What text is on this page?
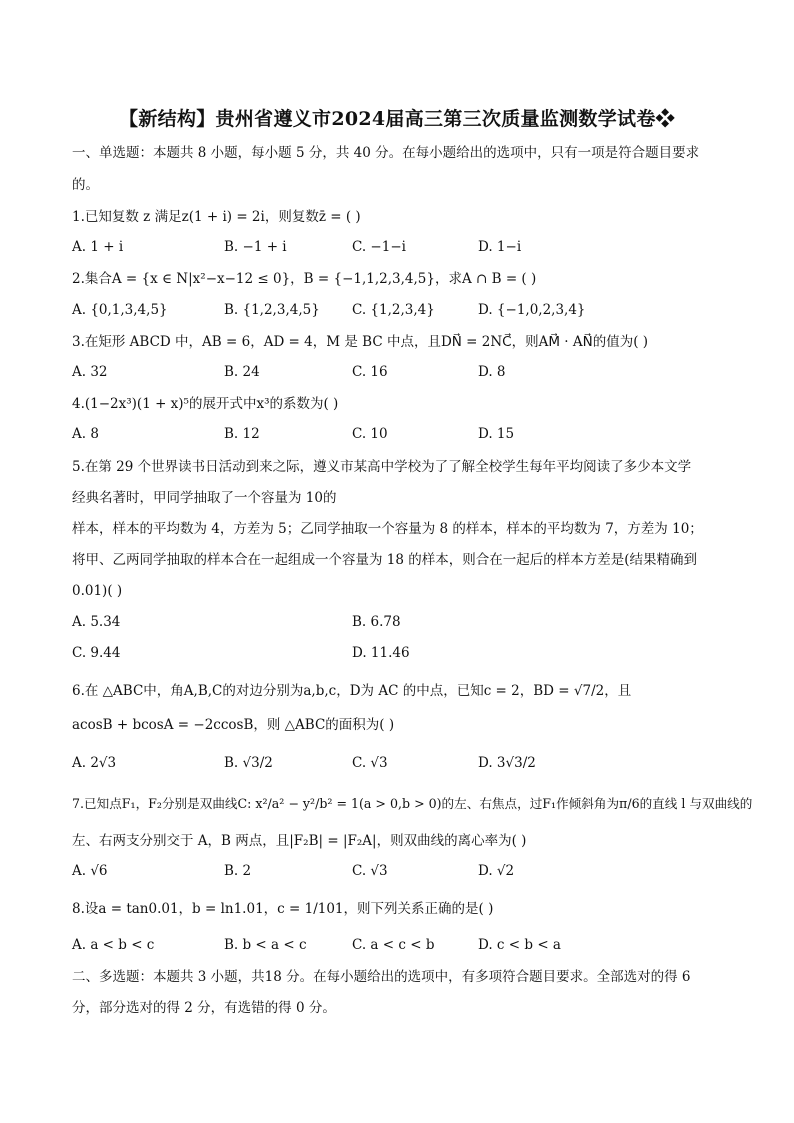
【新结构】贵州省遵义市2024届高三第三次质量监测数学试卷❖
一、单选题：本题共 8 小题，每小题 5 分，共 40 分。在每小题给出的选项中，只有一项是符合题目要求
的。
1.已知复数 z 满足z(1 + i) = 2i，则复数z̄ = ( )
A. 1 + i	B. −1 + i	C. −1−i	D. 1−i
2.集合A = {x ∈ N|x²−x−12 ≤ 0}，B = {−1,1,2,3,4,5}，求A ∩ B = ( )
A. {0,1,3,4,5}	B. {1,2,3,4,5} C. {1,2,3,4}	D. {−1,0,2,3,4}
3.在矩形 ABCD 中，AB = 6，AD = 4，M 是 BC 中点，且DN⃗ = 2NC⃗，则AM⃗ · AN⃗的值为( )
A. 32	B. 24	C. 16	D. 8
4.(1−2x³)(1 + x)⁵的展开式中x³的系数为( )
A. 8	B. 12	C. 10	D. 15
5.在第 29 个世界读书日活动到来之际，遵义市某高中学校为了了解全校学生每年平均阅读了多少本文学
经典名著时，甲同学抽取了一个容量为 10的
样本，样本的平均数为 4，方差为 5；乙同学抽取一个容量为 8 的样本，样本的平均数为 7，方差为 10；
将甲、乙两同学抽取的样本合在一起组成一个容量为 18 的样本，则合在一起后的样本方差是(结果精确到
0.01)( )
A. 5.34	B. 6.78
C. 9.44	D. 11.46
6.在 △ABC中，角A,B,C的对边分别为a,b,c，D为 AC 的中点，已知c = 2，BD = √7/2，且
acosB + bcosA = −2ccosB，则 △ABC的面积为( )
A. 2√3	B. √3/2	C. √3	D. 3√3/2
7.已知点F₁，F₂分别是双曲线C: x²/a² − y²/b² = 1(a > 0,b > 0)的左、右焦点，过F₁作倾斜角为π/6的直线 l 与双曲线的
左、右两支分别交于 A，B 两点，且|F₂B| = |F₂A|，则双曲线的离心率为( )
A. √6	B. 2	C. √3	D. √2
8.设a = tan0.01，b = ln1.01，c = 1/101，则下列关系正确的是( )
A. a < b < c	B. b < a < c	C. a < c < b	D. c < b < a
二、多选题：本题共 3 小题，共18 分。在每小题给出的选项中，有多项符合题目要求。全部选对的得 6
分，部分选对的得 2 分，有选错的得 0 分。
